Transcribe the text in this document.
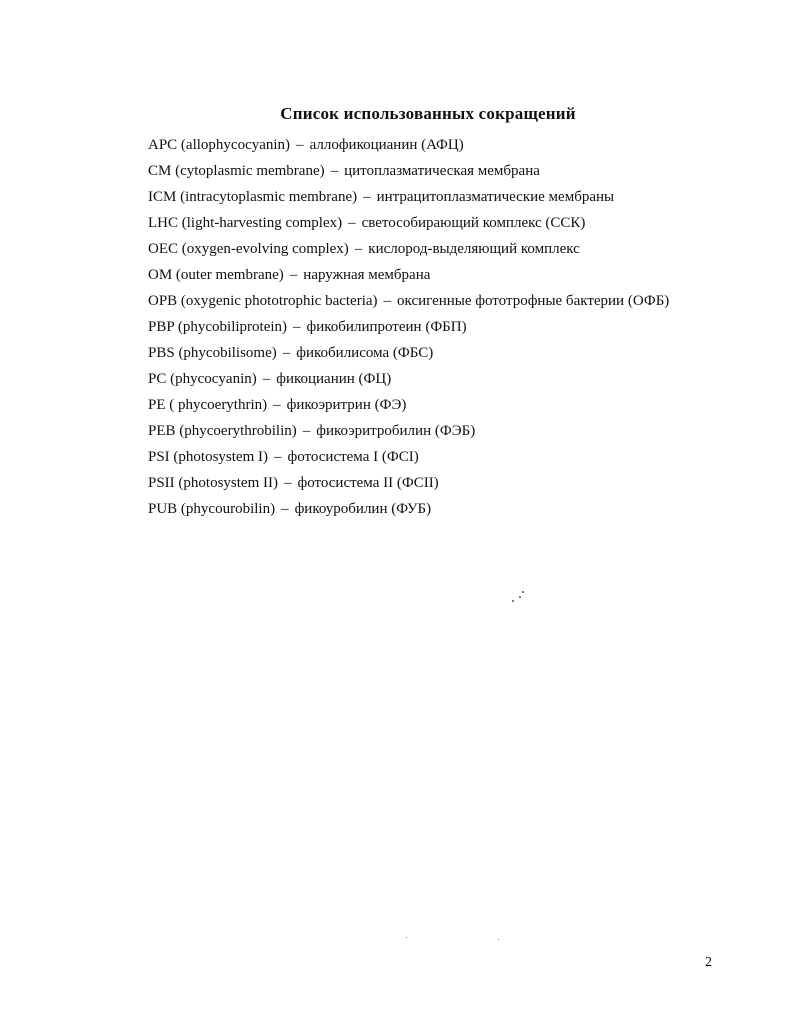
Список использованных сокращений
APC (allophycocyanin) – аллофикоцианин (АФЦ)
CM (cytoplasmic membrane) – цитоплазматическая мембрана
ICM (intracytoplasmic membrane) – интрацитоплазматические мембраны
LHC (light-harvesting complex) – светособирающий комплекс (ССК)
OEC (oxygen-evolving complex) – кислород-выделяющий комплекс
OM (outer membrane) – наружная мембрана
OPB (oxygenic phototrophic bacteria) – оксигенные фототрофные бактерии (ОФБ)
PBP (phycobiliprotein) – фикобилипротеин (ФБП)
PBS (phycobilisome) – фикобилисома (ФБС)
PC (phycocyanin) – фикоцианин (ФЦ)
PE ( phycoerythrin) – фикоэритрин (ФЭ)
PEB (phycoerythrobilin) – фикоэритробилин (ФЭБ)
PSI (photosystem I) – фотосистема I (ФСI)
PSII (photosystem II) – фотосистема II (ФСII)
PUB (phycourobilin) – фикоуробилин (ФУБ)
2
